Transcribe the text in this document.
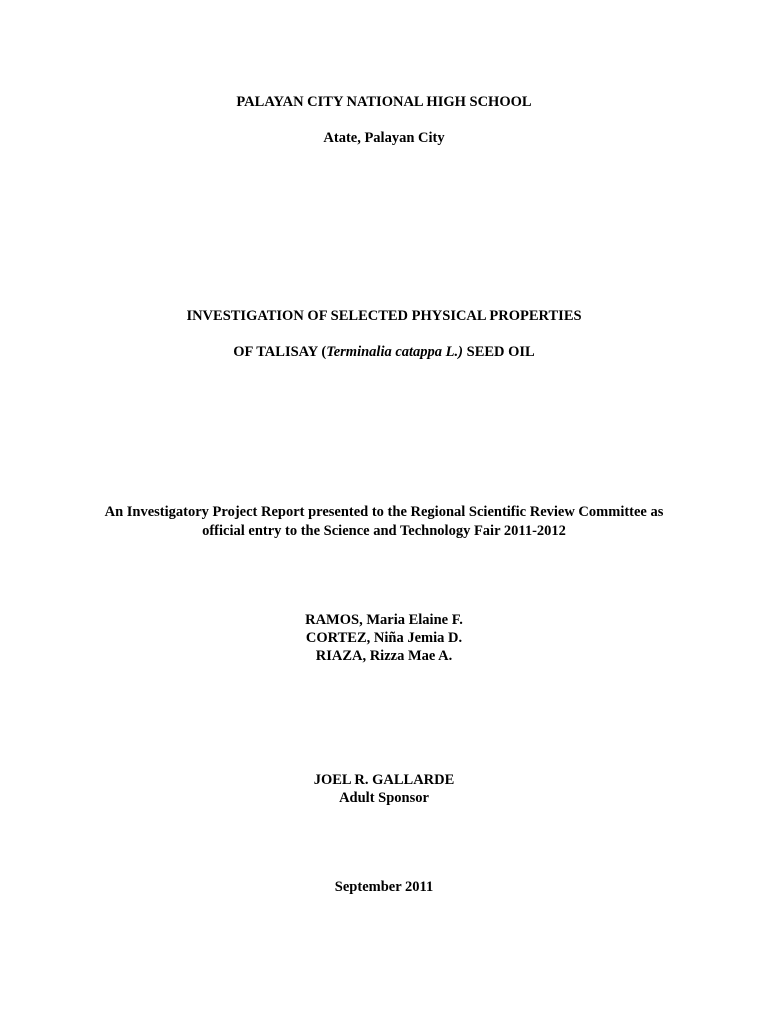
PALAYAN CITY NATIONAL HIGH SCHOOL
Atate, Palayan City
INVESTIGATION OF SELECTED PHYSICAL PROPERTIES
OF TALISAY (Terminalia catappa L.) SEED OIL
An Investigatory Project Report presented to the Regional Scientific Review Committee as
official entry to the Science and Technology Fair 2011-2012
RAMOS, Maria Elaine F.
CORTEZ, Niña Jemia D.
RIAZA, Rizza Mae A.
JOEL R. GALLARDE
Adult Sponsor
September 2011
